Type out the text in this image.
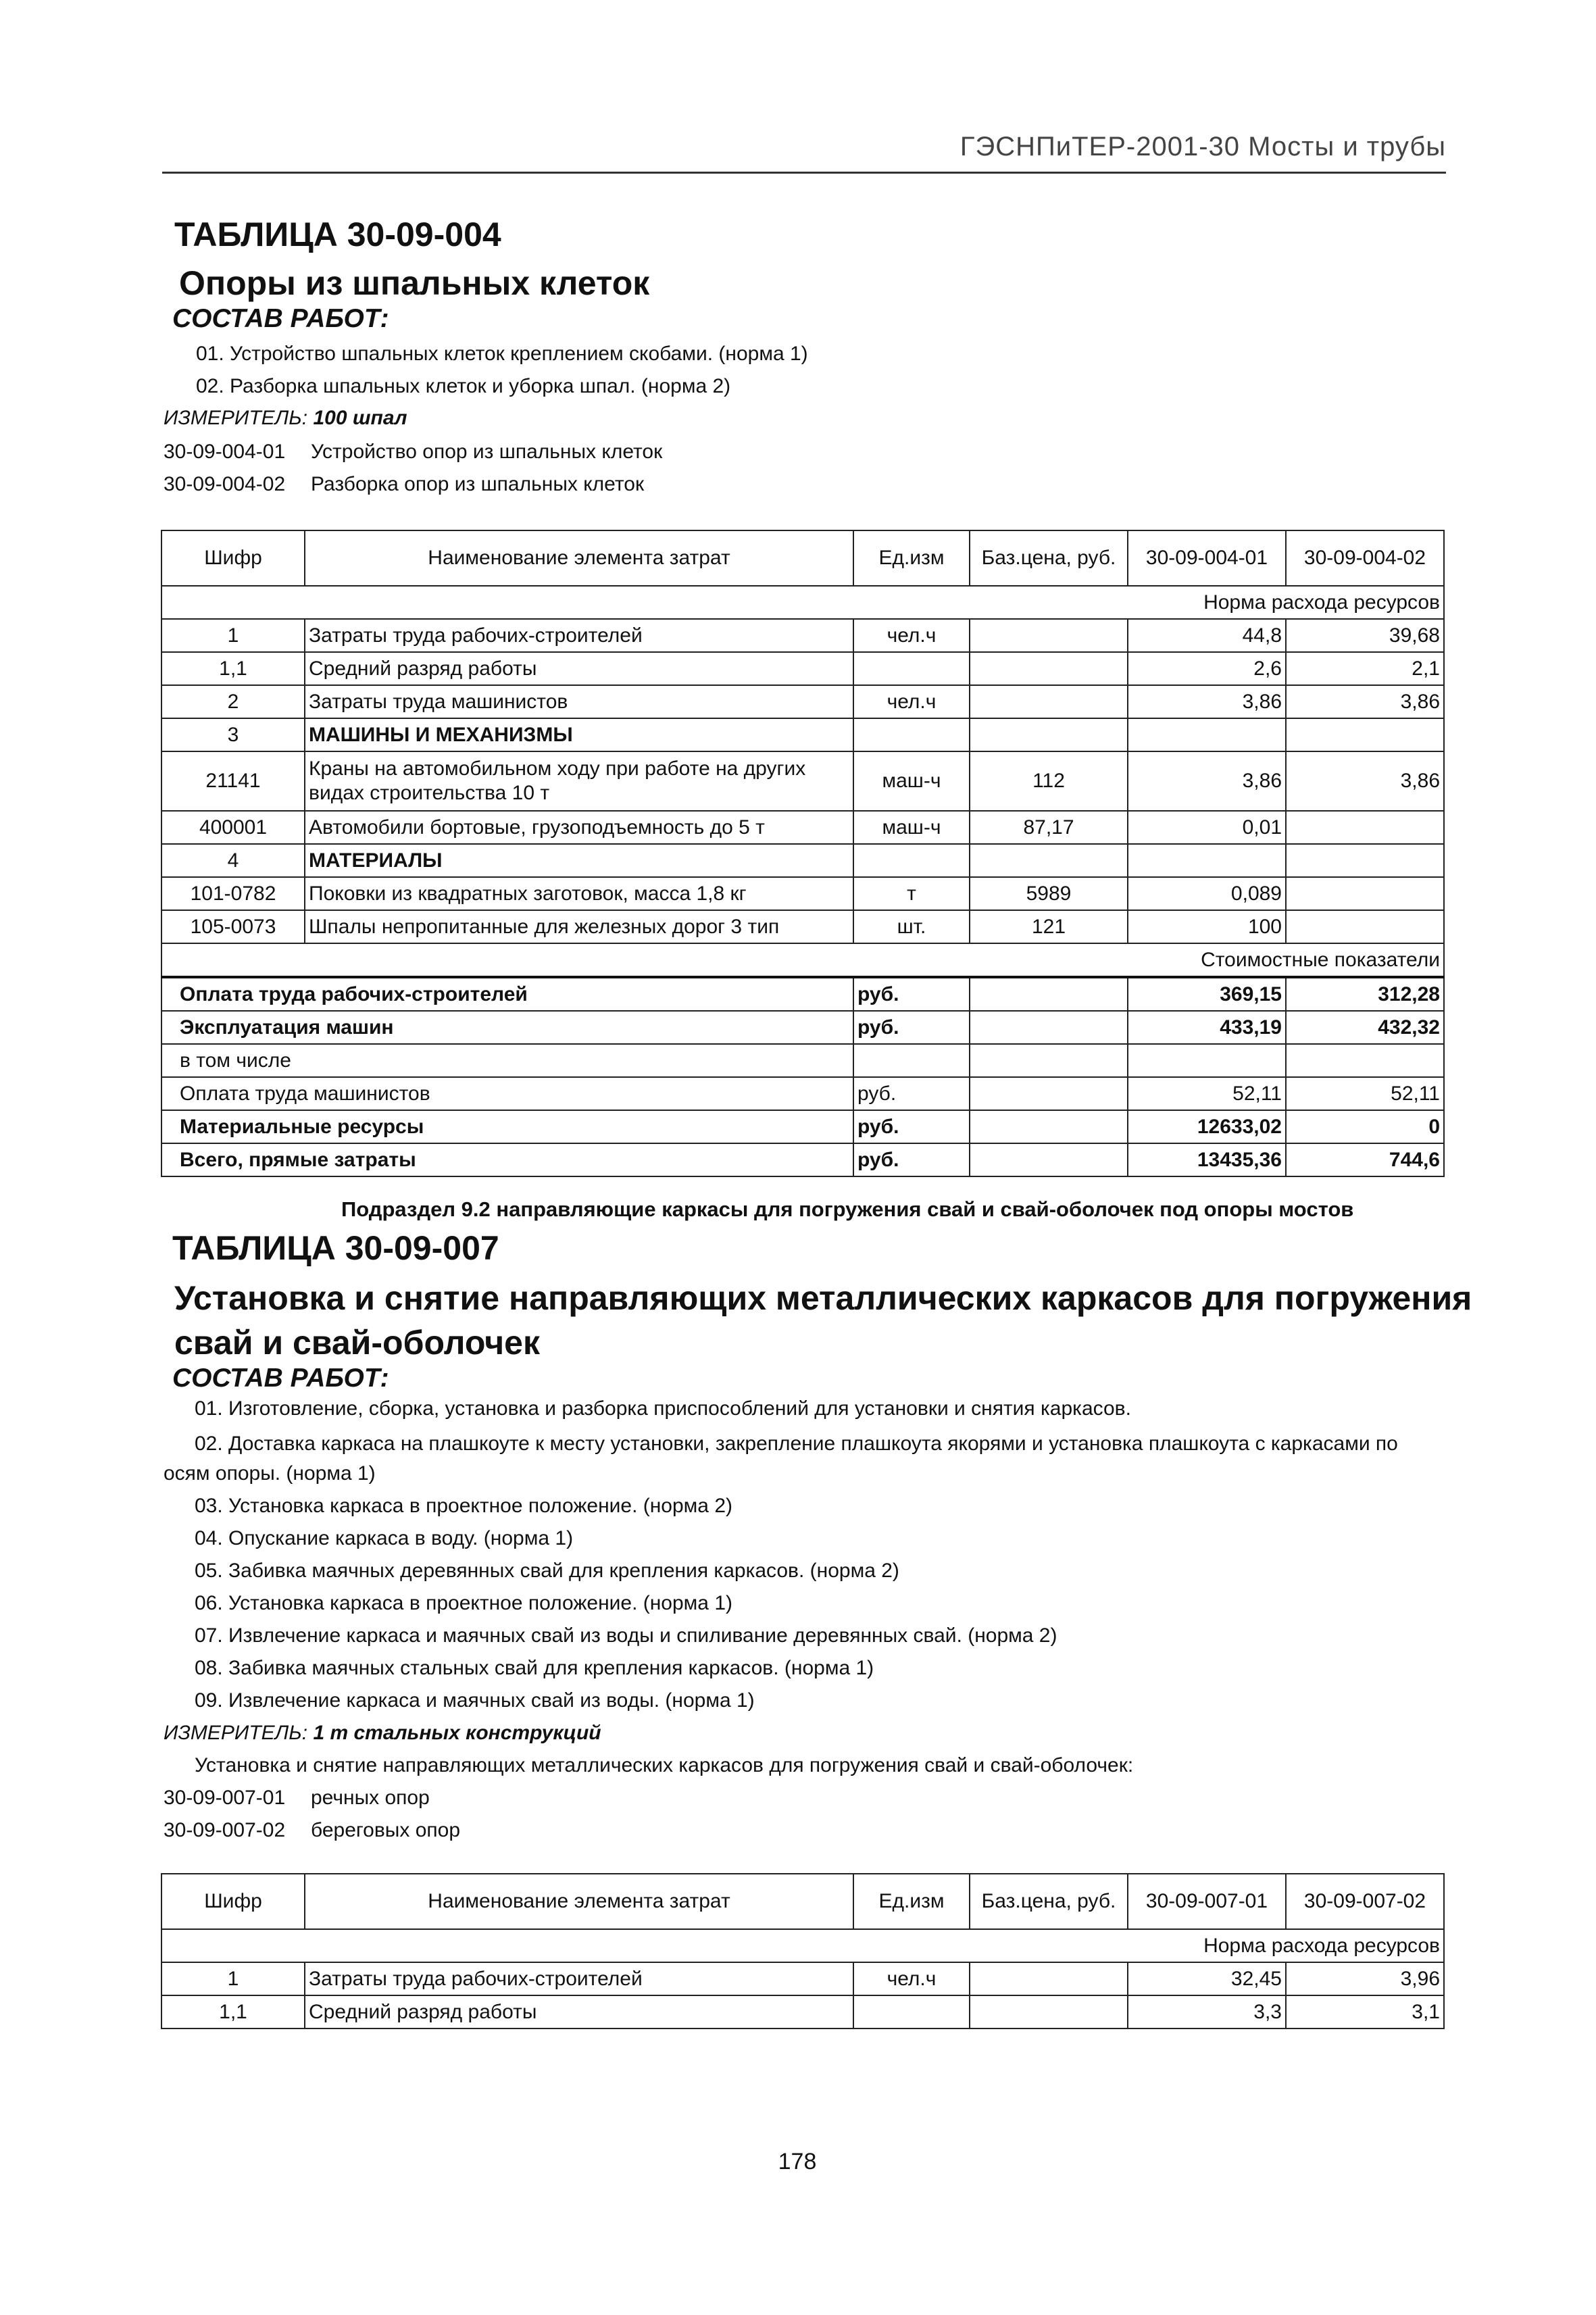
ГЭСНПиТЕР-2001-30 Мосты и трубы
ТАБЛИЦА 30-09-004
Опоры из шпальных клеток
СОСТАВ РАБОТ:
01. Устройство шпальных клеток креплением скобами. (норма 1)
02. Разборка шпальных клеток и уборка шпал. (норма 2)
ИЗМЕРИТЕЛЬ: 100 шпал
30-09-004-01 Устройство опор из шпальных клеток
30-09-004-02 Разборка опор из шпальных клеток
Шифр	Наименование элемента затрат	Ед.изм	Баз.цена, руб.	30-09-004-01	30-09-004-02
Норма расхода ресурсов					
1	Затраты труда рабочих-строителей	чел.ч		44,8	39,68
1,1	Средний разряд работы			2,6	2,1
2	Затраты труда машинистов	чел.ч		3,86	3,86
3	МАШИНЫ И МЕХАНИЗМЫ				
21141	Краны на автомобильном ходу при работе на других видах строительства 10 т	маш-ч	112	3,86	3,86
400001	Автомобили бортовые, грузоподъемность до 5 т	маш-ч	87,17	0,01	
4	МАТЕРИАЛЫ				
101-0782	Поковки из квадратных заготовок, масса 1,8 кг	т	5989	0,089	
105-0073	Шпалы непропитанные для железных дорог 3 тип	шт.	121	100	
Стоимостные показатели					
Оплата труда рабочих-строителей		руб.		369,15	312,28
Эксплуатация машин		руб.		433,19	432,32
в том числе					
Оплата труда машинистов		руб.		52,11	52,11
Материальные ресурсы		руб.		12633,02	0
Всего, прямые затраты		руб.		13435,36	744,6
Подраздел 9.2 направляющие каркасы для погружения свай и свай-оболочек под опоры мостов
ТАБЛИЦА 30-09-007
Установка и снятие направляющих металлических каркасов для погружения
свай и свай-оболочек
СОСТАВ РАБОТ:
01. Изготовление, сборка, установка и разборка приспособлений для установки и снятия каркасов.
02. Доставка каркаса на плашкоуте к месту установки, закрепление плашкоута якорями и установка плашкоута с каркасами по
осям опоры. (норма 1)
03. Установка каркаса в проектное положение. (норма 2)
04. Опускание каркаса в воду. (норма 1)
05. Забивка маячных деревянных свай для крепления каркасов. (норма 2)
06. Установка каркаса в проектное положение. (норма 1)
07. Извлечение каркаса и маячных свай из воды и спиливание деревянных свай. (норма 2)
08. Забивка маячных стальных свай для крепления каркасов. (норма 1)
09. Извлечение каркаса и маячных свай из воды. (норма 1)
ИЗМЕРИТЕЛЬ: 1 т стальных конструкций
Установка и снятие направляющих металлических каркасов для погружения свай и свай-оболочек:
30-09-007-01 речных опор
30-09-007-02 береговых опор
Шифр	Наименование элемента затрат	Ед.изм	Баз.цена, руб.	30-09-007-01	30-09-007-02
Норма расхода ресурсов					
1	Затраты труда рабочих-строителей	чел.ч		32,45	3,96
1,1	Средний разряд работы			3,3	3,1
178
